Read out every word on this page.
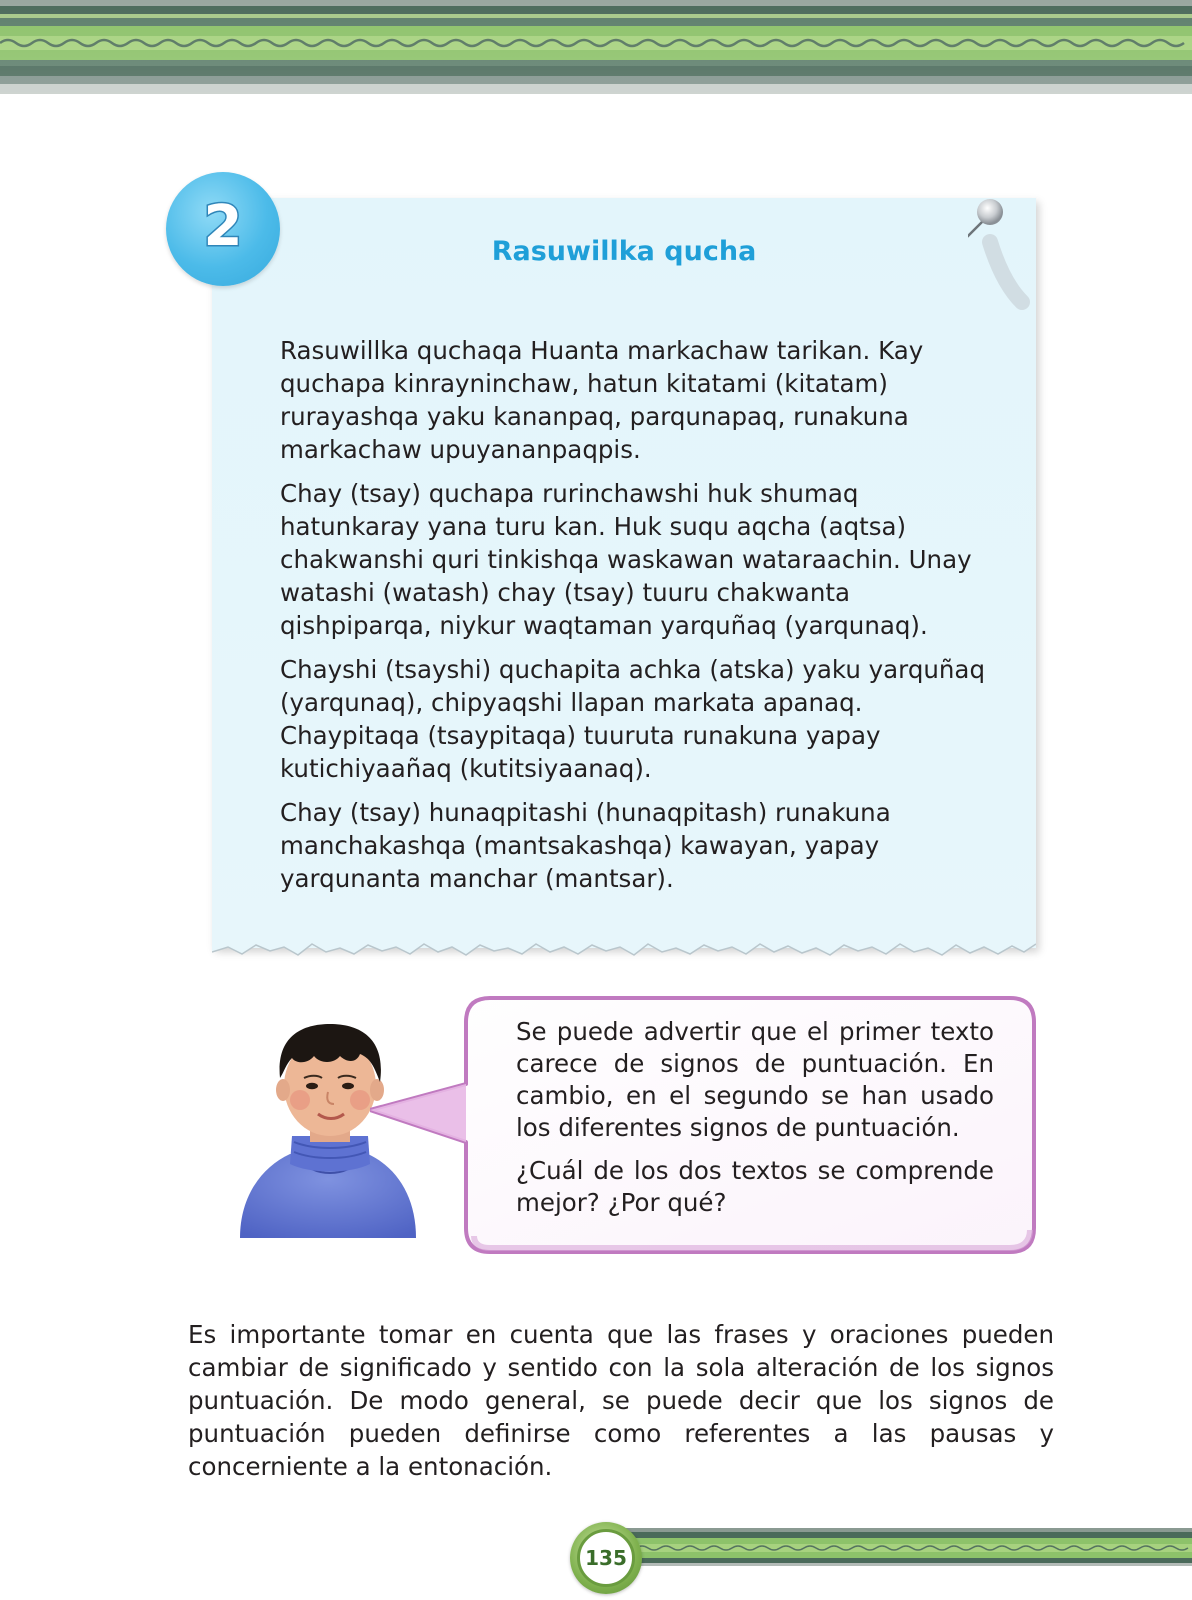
2	Rasuwillka qucha

Rasuwillka quchaqa Huanta markachaw tarikan. Kay quchapa kinrayninchaw, hatun kitatami (kitatam) rurayashqa yaku kananpaq, parqunapaq, runakuna markachaw upuyananpaqpis.

Chay (tsay) quchapa rurinchawshi huk shumaq hatunkaray yana turu kan. Huk suqu aqcha (aqtsa) chakwanshi quri tinkishqa waskawan wataraachin. Unay watashi (watash) chay (tsay) tuuru chakwanta qishpiparqa, niykur waqtaman yarquñaq (yarqunaq).

Chayshi (tsayshi) quchapita achka (atska) yaku yarquñaq (yarqunaq), chipyaqshi llapan markata apanaq. Chaypitaqa (tsaypitaqa) tuuruta runakuna yapay kutichiyaañaq (kutitsiyaanaq).

Chay (tsay) hunaqpitashi (hunaqpitash) runakuna manchakashqa (mantsakashqa) kawayan, yapay yarqunanta manchar (mantsar).

Se puede advertir que el primer texto carece de signos de puntuación. En cambio, en el segundo se han usado los diferentes signos de puntuación.

¿Cuál de los dos textos se comprende mejor? ¿Por qué?

Es importante tomar en cuenta que las frases y oraciones pueden cambiar de significado y sentido con la sola alteración de los signos puntuación. De modo general, se puede decir que los signos de puntuación pueden definirse como referentes a las pausas y concerniente a la entonación.

135
